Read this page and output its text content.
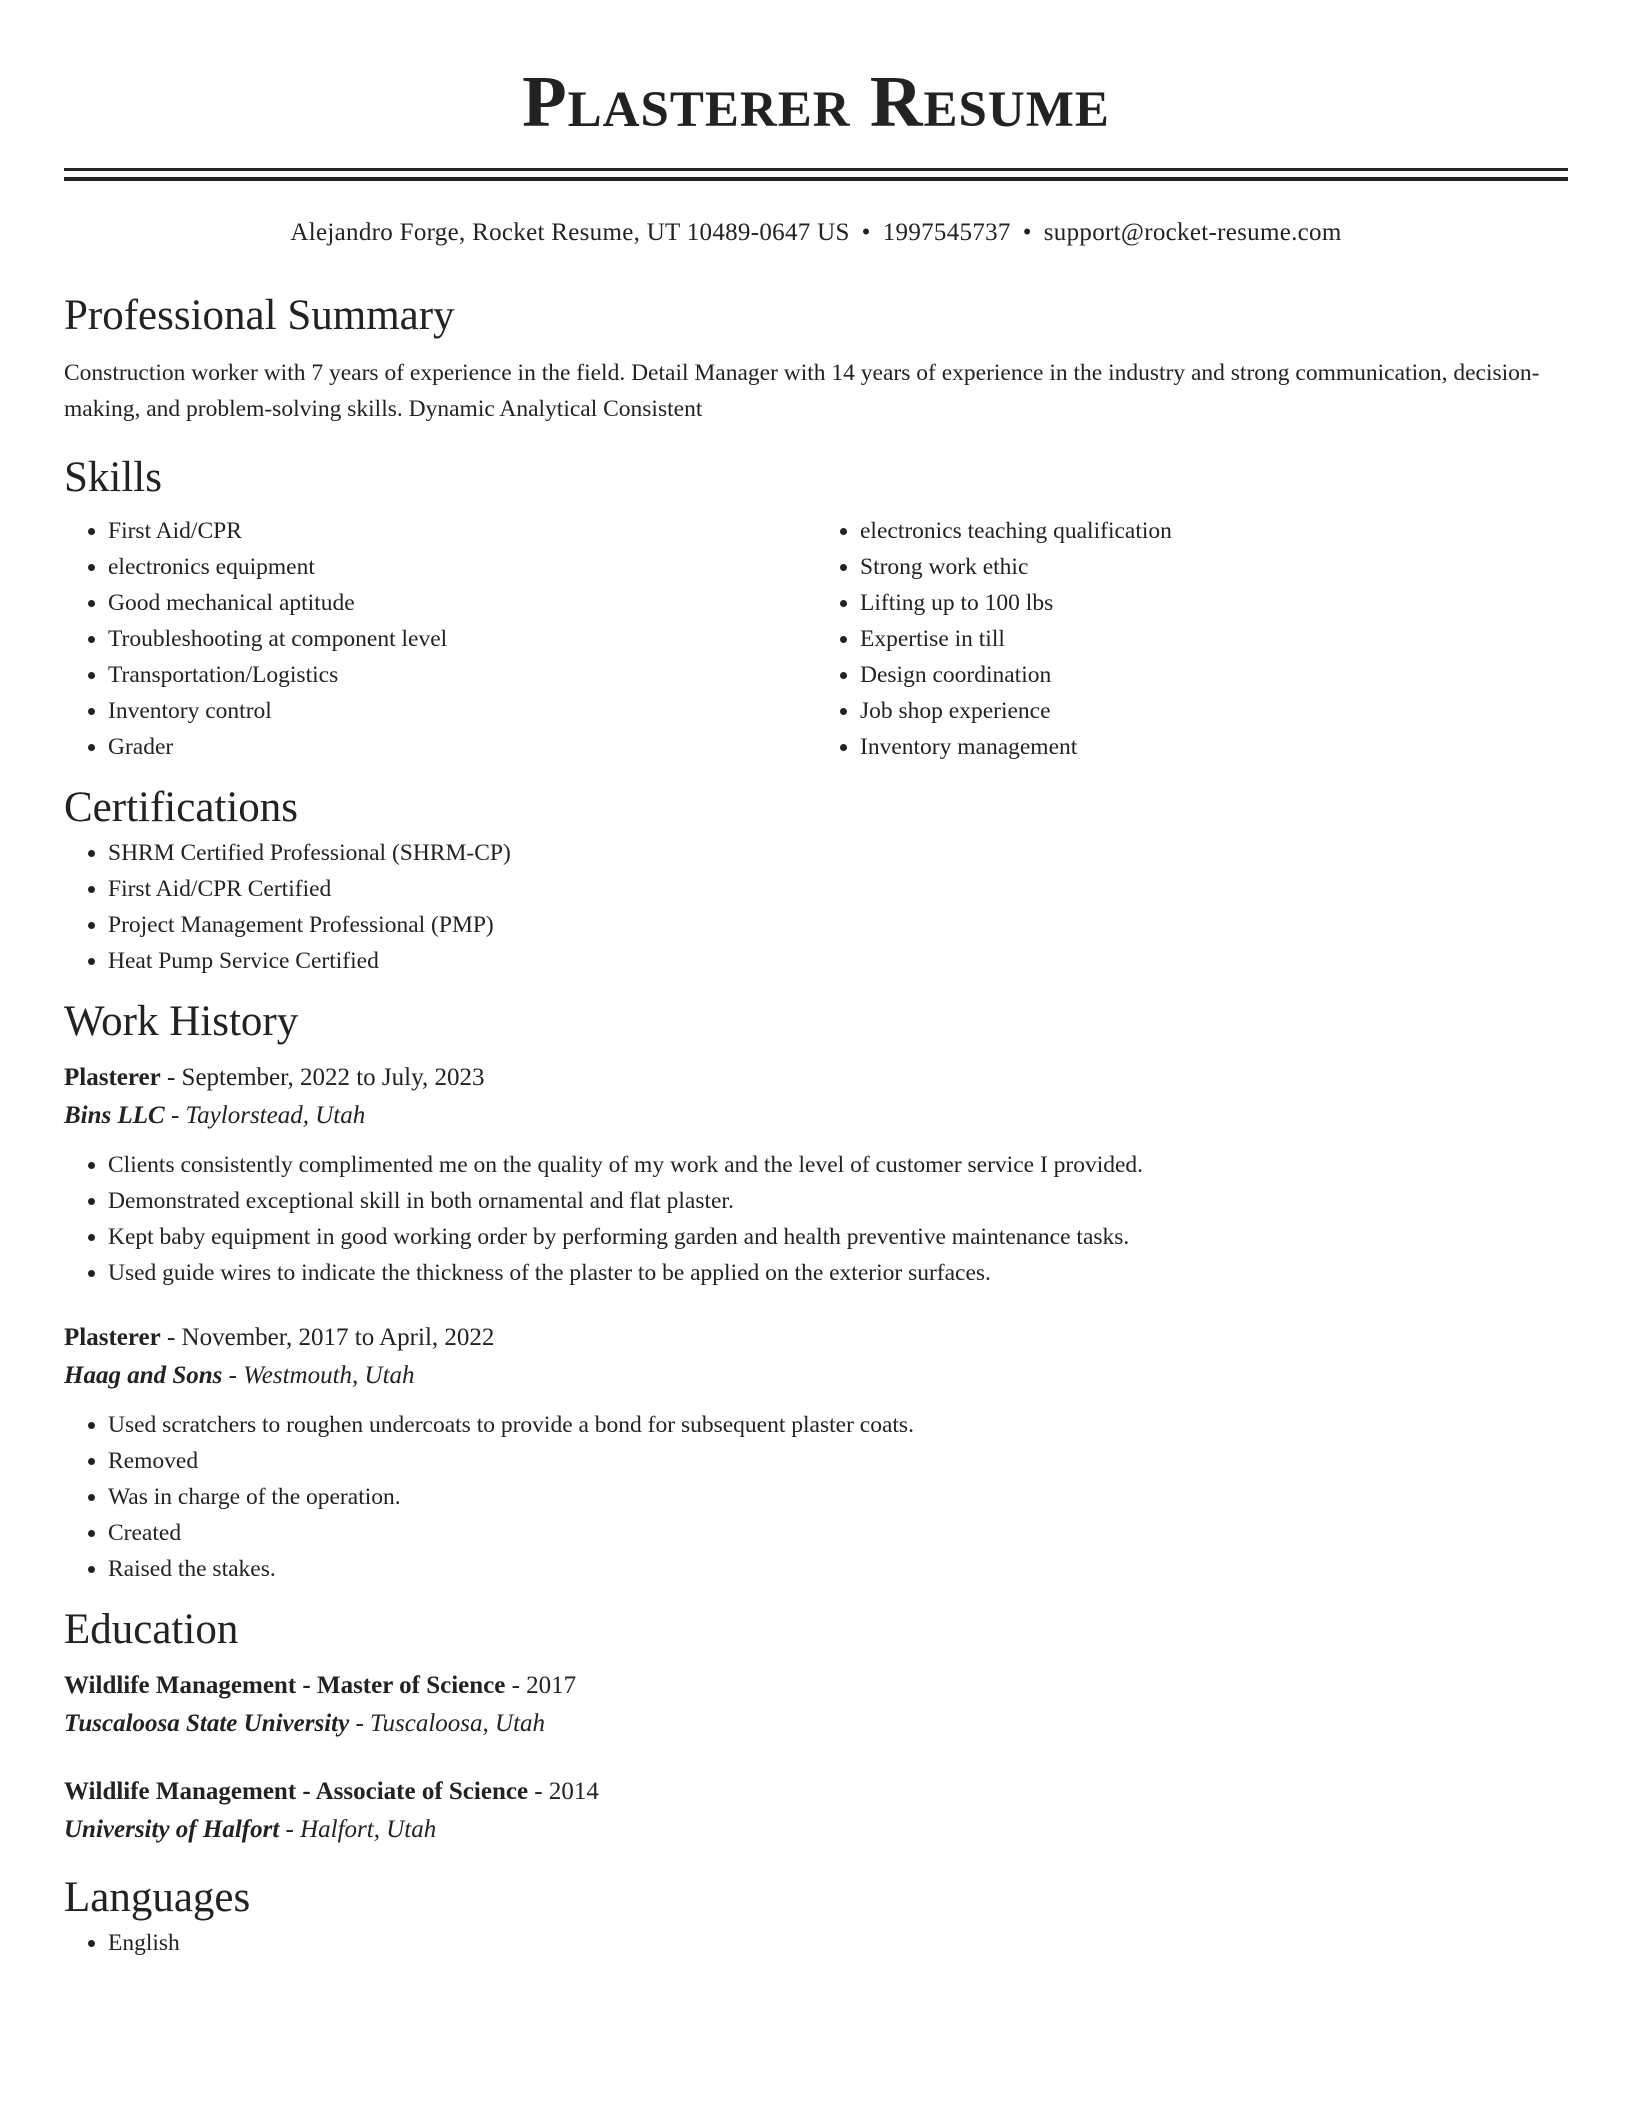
Plasterer Resume
Alejandro Forge, Rocket Resume, UT 10489-0647 US • 1997545737 • support@rocket-resume.com
Professional Summary
Construction worker with 7 years of experience in the field. Detail Manager with 14 years of experience in the industry and strong communication, decision-making, and problem-solving skills. Dynamic Analytical Consistent
Skills
• First Aid/CPR
• electronics equipment
• Good mechanical aptitude
• Troubleshooting at component level
• Transportation/Logistics
• Inventory control
• Grader
• electronics teaching qualification
• Strong work ethic
• Lifting up to 100 lbs
• Expertise in till
• Design coordination
• Job shop experience
• Inventory management
Certifications
• SHRM Certified Professional (SHRM-CP)
• First Aid/CPR Certified
• Project Management Professional (PMP)
• Heat Pump Service Certified
Work History
Plasterer - September, 2022 to July, 2023
Bins LLC - Taylorstead, Utah
• Clients consistently complimented me on the quality of my work and the level of customer service I provided.
• Demonstrated exceptional skill in both ornamental and flat plaster.
• Kept baby equipment in good working order by performing garden and health preventive maintenance tasks.
• Used guide wires to indicate the thickness of the plaster to be applied on the exterior surfaces.
Plasterer - November, 2017 to April, 2022
Haag and Sons - Westmouth, Utah
• Used scratchers to roughen undercoats to provide a bond for subsequent plaster coats.
• Removed
• Was in charge of the operation.
• Created
• Raised the stakes.
Education
Wildlife Management - Master of Science - 2017
Tuscaloosa State University - Tuscaloosa, Utah
Wildlife Management - Associate of Science - 2014
University of Halfort - Halfort, Utah
Languages
• English
